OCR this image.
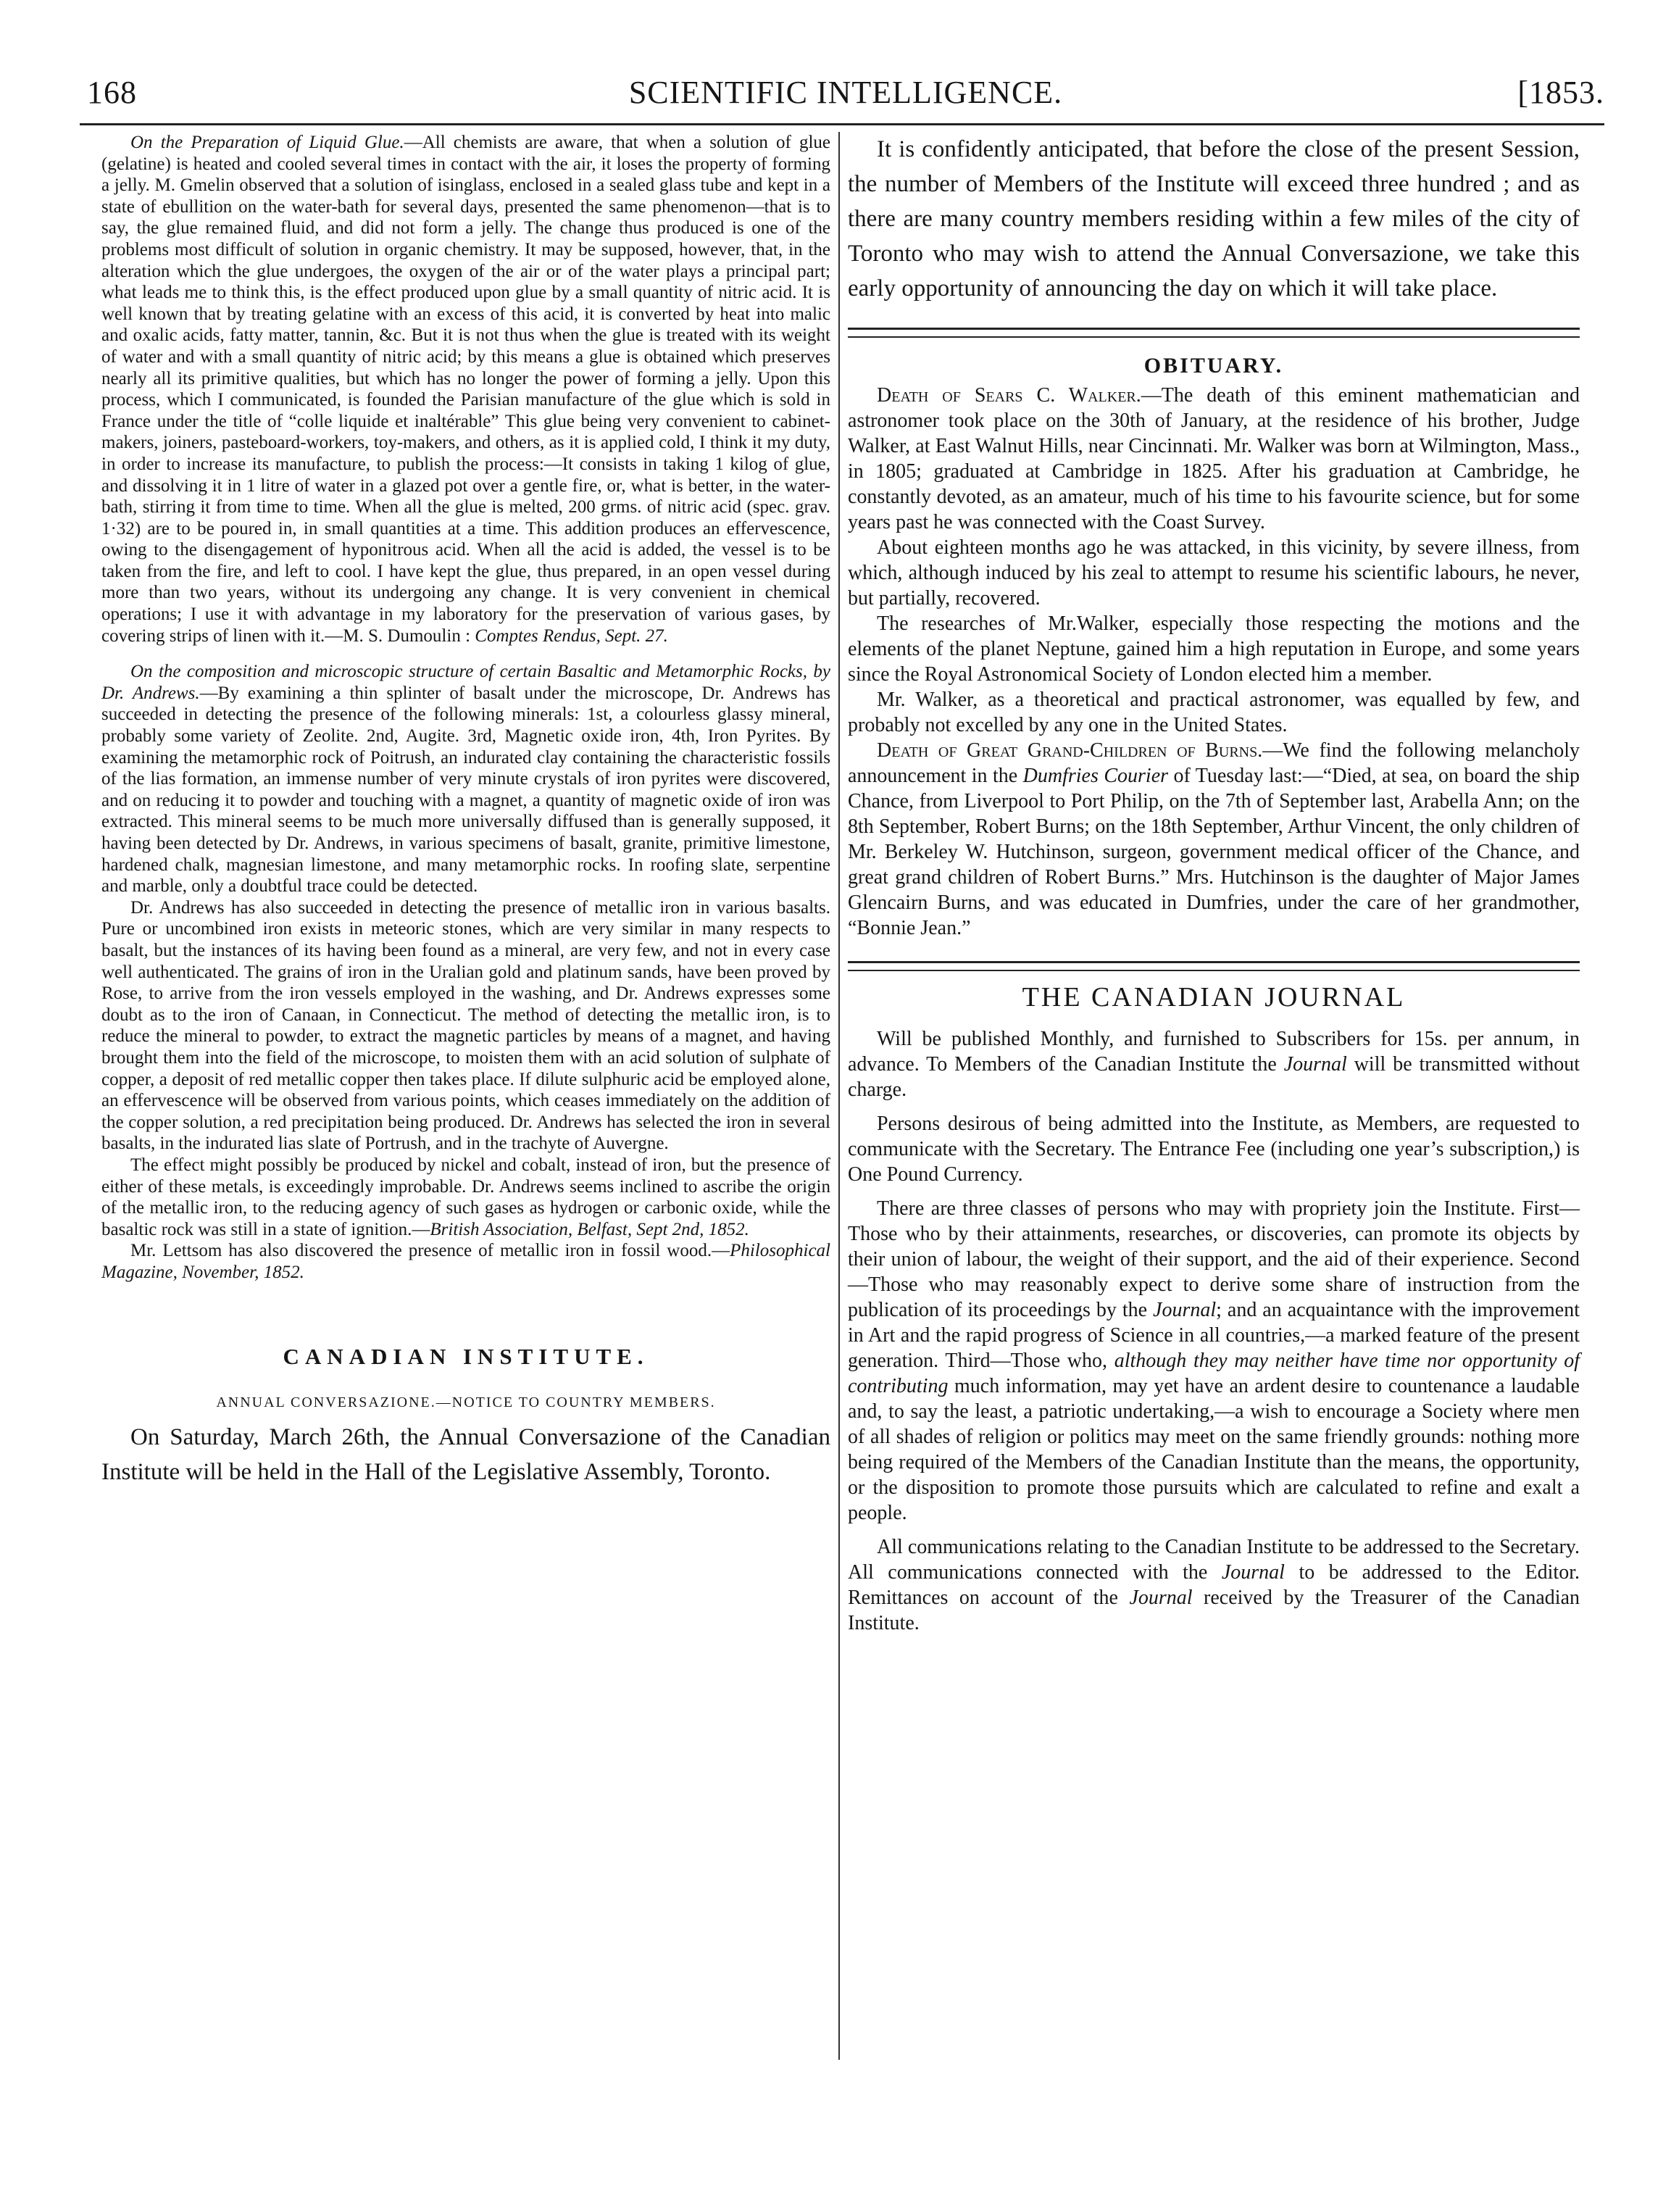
168	SCIENTIFIC INTELLIGENCE.	[1853.

On the Preparation of Liquid Glue.—All chemists are aware, that when a solution of glue (gelatine) is heated and cooled several times in contact with the air, it loses the property of forming a jelly. M. Gmelin observed that a solution of isinglass, enclosed in a sealed glass tube and kept in a state of ebullition on the water-bath for several days, presented the same phenomenon—that is to say, the glue remained fluid, and did not form a jelly. The change thus produced is one of the problems most difficult of solution in organic chemistry. It may be supposed, however, that, in the alteration which the glue undergoes, the oxygen of the air or of the water plays a principal part; what leads me to think this, is the effect produced upon glue by a small quantity of nitric acid. It is well known that by treating gelatine with an excess of this acid, it is converted by heat into malic and oxalic acids, fatty matter, tannin, &c. But it is not thus when the glue is treated with its weight of water and with a small quantity of nitric acid; by this means a glue is obtained which preserves nearly all its primitive qualities, but which has no longer the power of forming a jelly. Upon this process, which I communicated, is founded the Parisian manufacture of the glue which is sold in France under the title of “colle liquide et inaltérable” This glue being very convenient to cabinet-makers, joiners, pasteboard-workers, toy-makers, and others, as it is applied cold, I think it my duty, in order to increase its manufacture, to publish the process:—It consists in taking 1 kilog of glue, and dissolving it in 1 litre of water in a glazed pot over a gentle fire, or, what is better, in the water-bath, stirring it from time to time. When all the glue is melted, 200 grms. of nitric acid (spec. grav. 1·32) are to be poured in, in small quantities at a time. This addition produces an effervescence, owing to the disengagement of hyponitrous acid. When all the acid is added, the vessel is to be taken from the fire, and left to cool. I have kept the glue, thus prepared, in an open vessel during more than two years, without its undergoing any change. It is very convenient in chemical operations; I use it with advantage in my laboratory for the preservation of various gases, by covering strips of linen with it.—M. S. Dumoulin : Comptes Rendus, Sept. 27.

On the composition and microscopic structure of certain Basaltic and Metamorphic Rocks, by Dr. Andrews.—By examining a thin splinter of basalt under the microscope, Dr. Andrews has succeeded in detecting the presence of the following minerals: 1st, a colourless glassy mineral, probably some variety of Zeolite. 2nd, Augite. 3rd, Magnetic oxide iron, 4th, Iron Pyrites. By examining the metamorphic rock of Poitrush, an indurated clay containing the characteristic fossils of the lias formation, an immense number of very minute crystals of iron pyrites were discovered, and on reducing it to powder and touching with a magnet, a quantity of magnetic oxide of iron was extracted. This mineral seems to be much more universally diffused than is generally supposed, it having been detected by Dr. Andrews, in various specimens of basalt, granite, primitive limestone, hardened chalk, magnesian limestone, and many metamorphic rocks. In roofing slate, serpentine and marble, only a doubtful trace could be detected.

Dr. Andrews has also succeeded in detecting the presence of metallic iron in various basalts. Pure or uncombined iron exists in meteoric stones, which are very similar in many respects to basalt, but the instances of its having been found as a mineral, are very few, and not in every case well authenticated. The grains of iron in the Uralian gold and platinum sands, have been proved by Rose, to arrive from the iron vessels employed in the washing, and Dr. Andrews expresses some doubt as to the iron of Canaan, in Connecticut. The method of detecting the metallic iron, is to reduce the mineral to powder, to extract the magnetic particles by means of a magnet, and having brought them into the field of the microscope, to moisten them with an acid solution of sulphate of copper, a deposit of red metallic copper then takes place. If dilute sulphuric acid be employed alone, an effervescence will be observed from various points, which ceases immediately on the addition of the copper solution, a red precipitation being produced. Dr. Andrews has selected the iron in several basalts, in the indurated lias slate of Portrush, and in the trachyte of Auvergne.

The effect might possibly be produced by nickel and cobalt, instead of iron, but the presence of either of these metals, is exceedingly improbable. Dr. Andrews seems inclined to ascribe the origin of the metallic iron, to the reducing agency of such gases as hydrogen or carbonic oxide, while the basaltic rock was still in a state of ignition.—British Association, Belfast, Sept 2nd, 1852.

Mr. Lettsom has also discovered the presence of metallic iron in fossil wood.—Philosophical Magazine, November, 1852.

CANADIAN INSTITUTE.
ANNUAL CONVERSAZIONE.—NOTICE TO COUNTRY MEMBERS.

On Saturday, March 26th, the Annual Conversazione of the Canadian Institute will be held in the Hall of the Legislative Assembly, Toronto.

It is confidently anticipated, that before the close of the present Session, the number of Members of the Institute will exceed three hundred ; and as there are many country members residing within a few miles of the city of Toronto who may wish to attend the Annual Conversazione, we take this early opportunity of announcing the day on which it will take place.

OBITUARY.

Death of Sears C. Walker.—The death of this eminent mathematician and astronomer took place on the 30th of January, at the residence of his brother, Judge Walker, at East Walnut Hills, near Cincinnati. Mr. Walker was born at Wilmington, Mass., in 1805; graduated at Cambridge in 1825. After his graduation at Cambridge, he constantly devoted, as an amateur, much of his time to his favourite science, but for some years past he was connected with the Coast Survey.

About eighteen months ago he was attacked, in this vicinity, by severe illness, from which, although induced by his zeal to attempt to resume his scientific labours, he never, but partially, recovered.

The researches of Mr.Walker, especially those respecting the motions and the elements of the planet Neptune, gained him a high reputation in Europe, and some years since the Royal Astronomical Society of London elected him a member.

Mr. Walker, as a theoretical and practical astronomer, was equalled by few, and probably not excelled by any one in the United States.

Death of Great Grand-Children of Burns.—We find the following melancholy announcement in the Dumfries Courier of Tuesday last:—“Died, at sea, on board the ship Chance, from Liverpool to Port Philip, on the 7th of September last, Arabella Ann; on the 8th September, Robert Burns; on the 18th September, Arthur Vincent, the only children of Mr. Berkeley W. Hutchinson, surgeon, government medical officer of the Chance, and great grand children of Robert Burns.” Mrs. Hutchinson is the daughter of Major James Glencairn Burns, and was educated in Dumfries, under the care of her grandmother, “Bonnie Jean.”

THE CANADIAN JOURNAL

Will be published Monthly, and furnished to Subscribers for 15s. per annum, in advance. To Members of the Canadian Institute the Journal will be transmitted without charge.

Persons desirous of being admitted into the Institute, as Members, are requested to communicate with the Secretary. The Entrance Fee (including one year’s subscription,) is One Pound Currency.

There are three classes of persons who may with propriety join the Institute. First—Those who by their attainments, researches, or discoveries, can promote its objects by their union of labour, the weight of their support, and the aid of their experience. Second—Those who may reasonably expect to derive some share of instruction from the publication of its proceedings by the Journal; and an acquaintance with the improvement in Art and the rapid progress of Science in all countries,—a marked feature of the present generation. Third—Those who, although they may neither have time nor opportunity of contributing much information, may yet have an ardent desire to countenance a laudable and, to say the least, a patriotic undertaking,—a wish to encourage a Society where men of all shades of religion or politics may meet on the same friendly grounds: nothing more being required of the Members of the Canadian Institute than the means, the opportunity, or the disposition to promote those pursuits which are calculated to refine and exalt a people.

All communications relating to the Canadian Institute to be addressed to the Secretary. All communications connected with the Journal to be addressed to the Editor. Remittances on account of the Journal received by the Treasurer of the Canadian Institute.
